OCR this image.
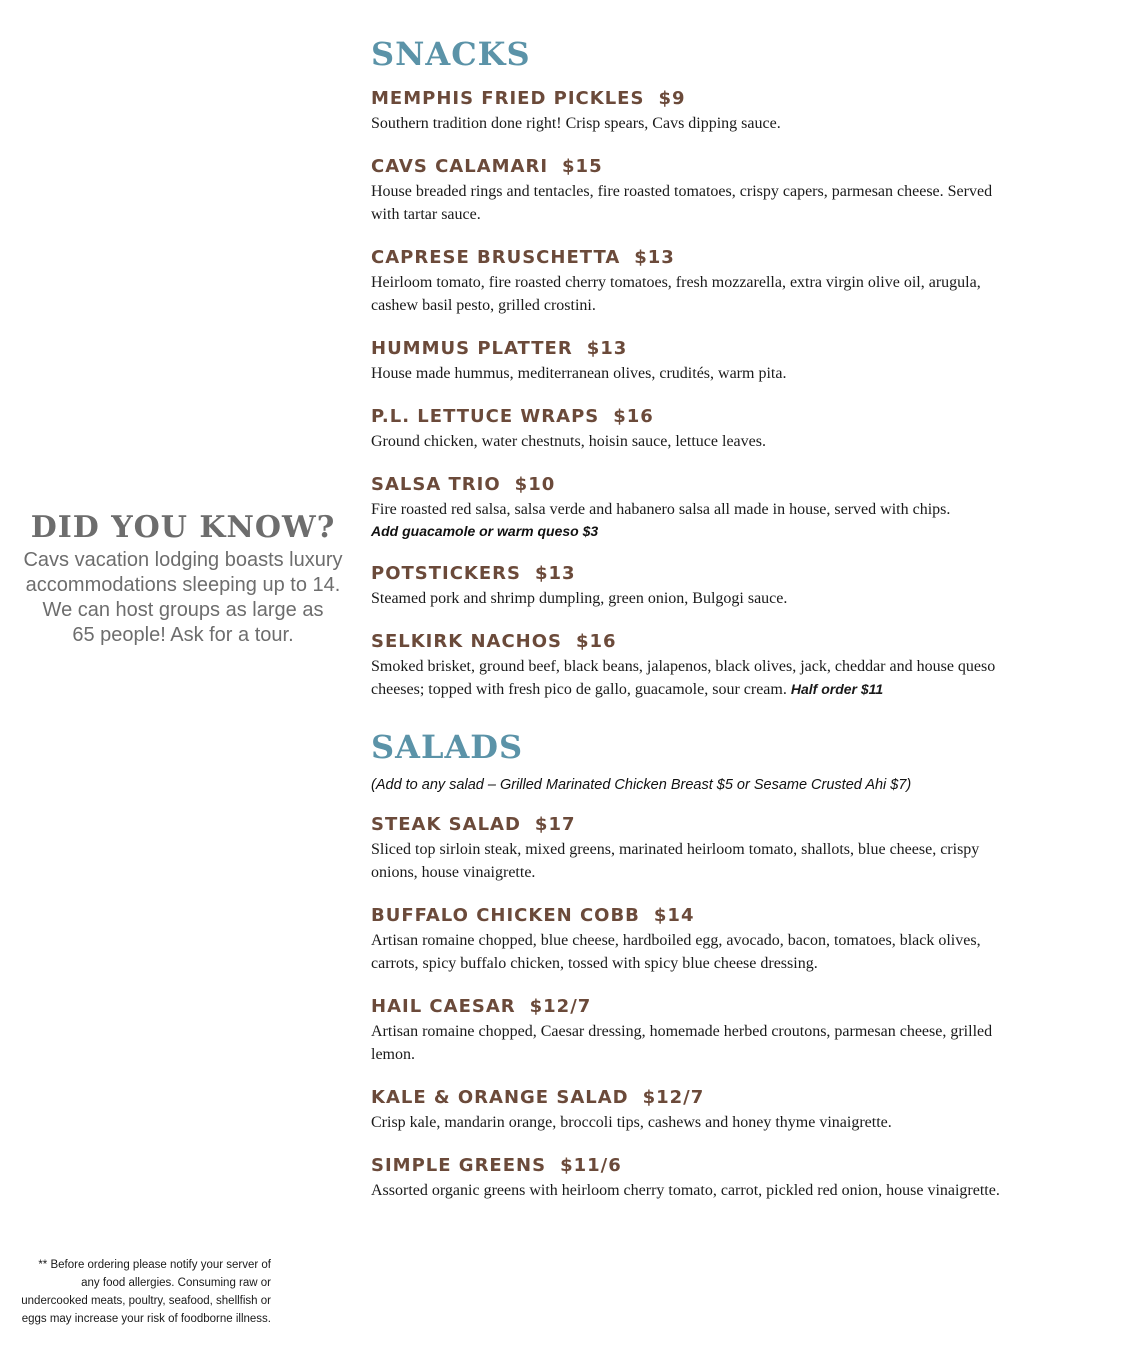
DID YOU KNOW?
Cavs vacation lodging boasts luxury
accommodations sleeping up to 14.
We can host groups as large as
65 people! Ask for a tour.
** Before ordering please notify your server of any food allergies. Consuming raw or undercooked meats, poultry, seafood, shellfish or eggs may increase your risk of foodborne illness.
SNACKS
MEMPHIS FRIED PICKLES $9
Southern tradition done right! Crisp spears, Cavs dipping sauce.
CAVS CALAMARI $15
House breaded rings and tentacles, fire roasted tomatoes, crispy capers, parmesan cheese. Served with tartar sauce.
CAPRESE BRUSCHETTA $13
Heirloom tomato, fire roasted cherry tomatoes, fresh mozzarella, extra virgin olive oil, arugula, cashew basil pesto, grilled crostini.
HUMMUS PLATTER $13
House made hummus, mediterranean olives, crudités, warm pita.
P.L. LETTUCE WRAPS $16
Ground chicken, water chestnuts, hoisin sauce, lettuce leaves.
SALSA TRIO $10
Fire roasted red salsa, salsa verde and habanero salsa all made in house, served with chips.
Add guacamole or warm queso $3
POTSTICKERS $13
Steamed pork and shrimp dumpling, green onion, Bulgogi sauce.
SELKIRK NACHOS $16
Smoked brisket, ground beef, black beans, jalapenos, black olives, jack, cheddar and house queso cheeses; topped with fresh pico de gallo, guacamole, sour cream. Half order $11
SALADS

(Add to any salad – Grilled Marinated Chicken Breast $5 or Sesame Crusted Ahi $7)

STEAK SALAD $17
Sliced top sirloin steak, mixed greens, marinated heirloom tomato, shallots, blue cheese, crispy onions, house vinaigrette.
BUFFALO CHICKEN COBB $14
Artisan romaine chopped, blue cheese, hardboiled egg, avocado, bacon, tomatoes, black olives, carrots, spicy buffalo chicken, tossed with spicy blue cheese dressing.
HAIL CAESAR $12/7
Artisan romaine chopped, Caesar dressing, homemade herbed croutons, parmesan cheese, grilled lemon.
KALE & ORANGE SALAD $12/7
Crisp kale, mandarin orange, broccoli tips, cashews and honey thyme vinaigrette.
SIMPLE GREENS $11/6
Assorted organic greens with heirloom cherry tomato, carrot, pickled red onion, house vinaigrette.
